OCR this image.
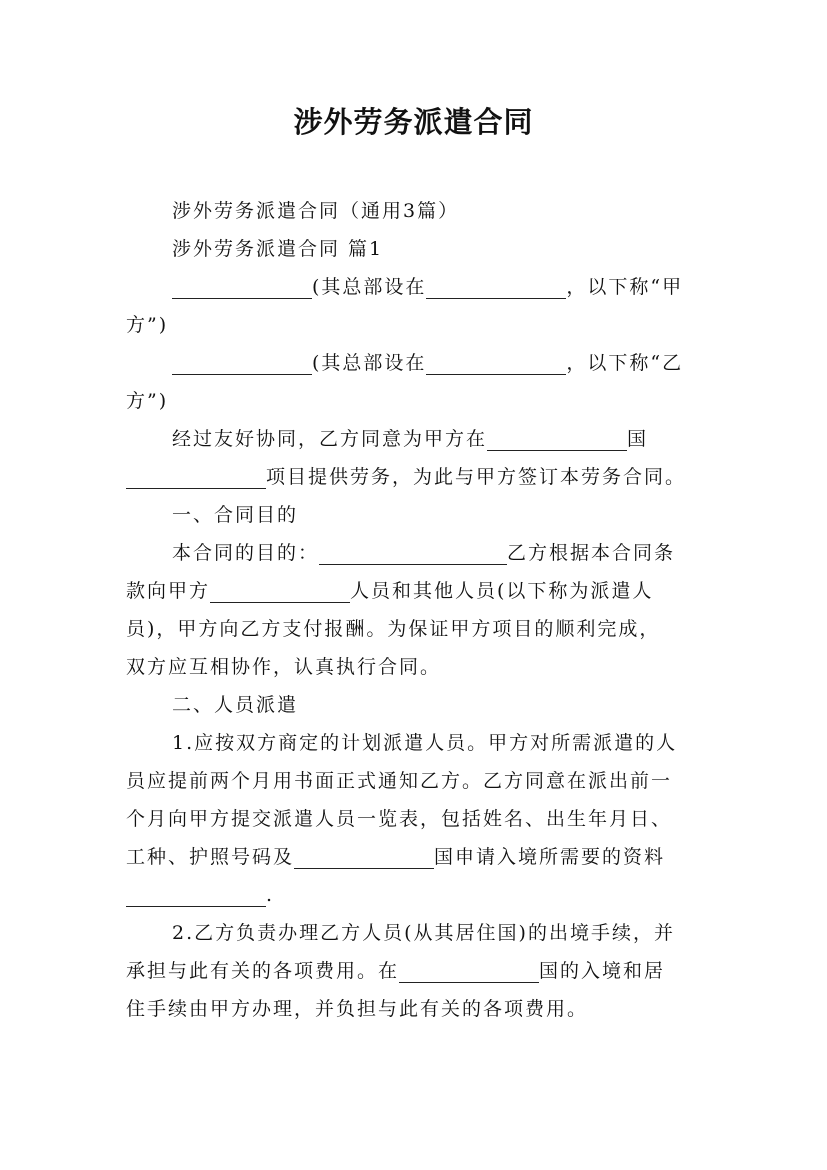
涉外劳务派遣合同
涉外劳务派遣合同（通用3篇）
涉外劳务派遣合同 篇1
(其总部设在	，以下称“甲
方”)
(其总部设在	，以下称“乙
方”)
经过友好协同，乙方同意为甲方在	国
项目提供劳务，为此与甲方签订本劳务合同。
一、合同目的
本合同的目的：	乙方根据本合同条
款向甲方	人员和其他人员(以下称为派遣人
员)，甲方向乙方支付报酬。为保证甲方项目的顺利完成，
双方应互相协作，认真执行合同。
二、人员派遣
1.应按双方商定的计划派遣人员。甲方对所需派遣的人
员应提前两个月用书面正式通知乙方。乙方同意在派出前一
个月向甲方提交派遣人员一览表，包括姓名、出生年月日、
工种、护照号码及	国申请入境所需要的资料
.
2.乙方负责办理乙方人员(从其居住国)的出境手续，并
承担与此有关的各项费用。在	国的入境和居
住手续由甲方办理，并负担与此有关的各项费用。
